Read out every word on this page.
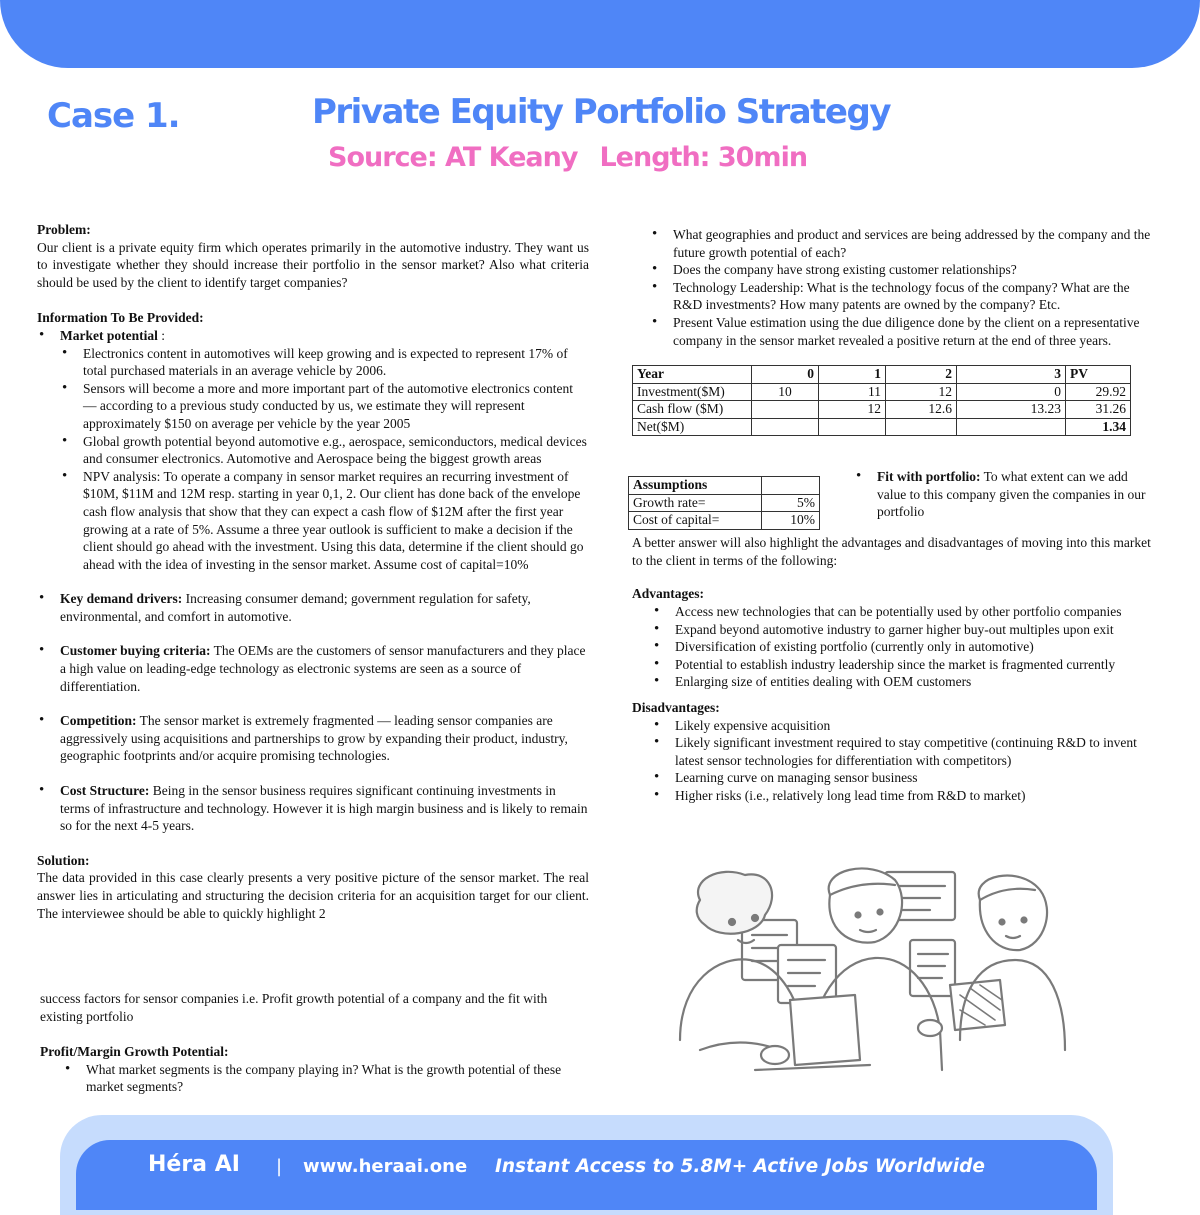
Case 1.	Private Equity Portfolio Strategy
Source: AT Keany Length: 30min
Problem:
Our client is a private equity firm which operates primarily in the automotive industry. They want us to investigate whether they should increase their portfolio in the sensor market? Also what criteria should be used by the client to identify target companies?
Information To Be Provided:
• Market potential :
• Electronics content in automotives will keep growing and is expected to represent 17% of total purchased materials in an average vehicle by 2006.
• Sensors will become a more and more important part of the automotive electronics content — according to a previous study conducted by us, we estimate they will represent approximately $150 on average per vehicle by the year 2005
• Global growth potential beyond automotive e.g., aerospace, semiconductors, medical devices and consumer electronics. Automotive and Aerospace being the biggest growth areas
• NPV analysis: To operate a company in sensor market requires an recurring investment of $10M, $11M and 12M resp. starting in year 0,1, 2. Our client has done back of the envelope cash flow analysis that show that they can expect a cash flow of $12M after the first year growing at a rate of 5%. Assume a three year outlook is sufficient to make a decision if the client should go ahead with the investment. Using this data, determine if the client should go ahead with the idea of investing in the sensor market. Assume cost of capital=10%
• Key demand drivers: Increasing consumer demand; government regulation for safety, environmental, and comfort in automotive.
• Customer buying criteria: The OEMs are the customers of sensor manufacturers and they place a high value on leading-edge technology as electronic systems are seen as a source of differentiation.
• Competition: The sensor market is extremely fragmented — leading sensor companies are aggressively using acquisitions and partnerships to grow by expanding their product, industry, geographic footprints and/or acquire promising technologies.
• Cost Structure: Being in the sensor business requires significant continuing investments in terms of infrastructure and technology. However it is high margin business and is likely to remain so for the next 4-5 years.
Solution:
The data provided in this case clearly presents a very positive picture of the sensor market. The real answer lies in articulating and structuring the decision criteria for an acquisition target for our client. The interviewee should be able to quickly highlight 2
success factors for sensor companies i.e. Profit growth potential of a company and the fit with existing portfolio
Profit/Margin Growth Potential:
• What market segments is the company playing in? What is the growth potential of these market segments?
• What geographies and product and services are being addressed by the company and the future growth potential of each?
• Does the company have strong existing customer relationships?
• Technology Leadership: What is the technology focus of the company? What are the R&D investments? How many patents are owned by the company? Etc.
• Present Value estimation using the due diligence done by the client on a representative company in the sensor market revealed a positive return at the end of three years.
Year	0	1	2	3	PV
Investment($M)	10	11	12	0	29.92
Cash flow ($M)		12	12.6	13.23	31.26
Net($M)					1.34
Assumptions	
Growth rate=	5%
Cost of capital=	10%
• Fit with portfolio: To what extent can we add value to this company given the companies in our portfolio
A better answer will also highlight the advantages and disadvantages of moving into this market to the client in terms of the following:
Advantages:
• Access new technologies that can be potentially used by other portfolio companies
• Expand beyond automotive industry to garner higher buy-out multiples upon exit
• Diversification of existing portfolio (currently only in automotive)
• Potential to establish industry leadership since the market is fragmented currently
• Enlarging size of entities dealing with OEM customers
Disadvantages:
• Likely expensive acquisition
• Likely significant investment required to stay competitive (continuing R&D to invent latest sensor technologies for differentiation with competitors)
• Learning curve on managing sensor business
• Higher risks (i.e., relatively long lead time from R&D to market)
Héra AI | www.heraai.one Instant Access to 5.8M+ Active Jobs Worldwide
